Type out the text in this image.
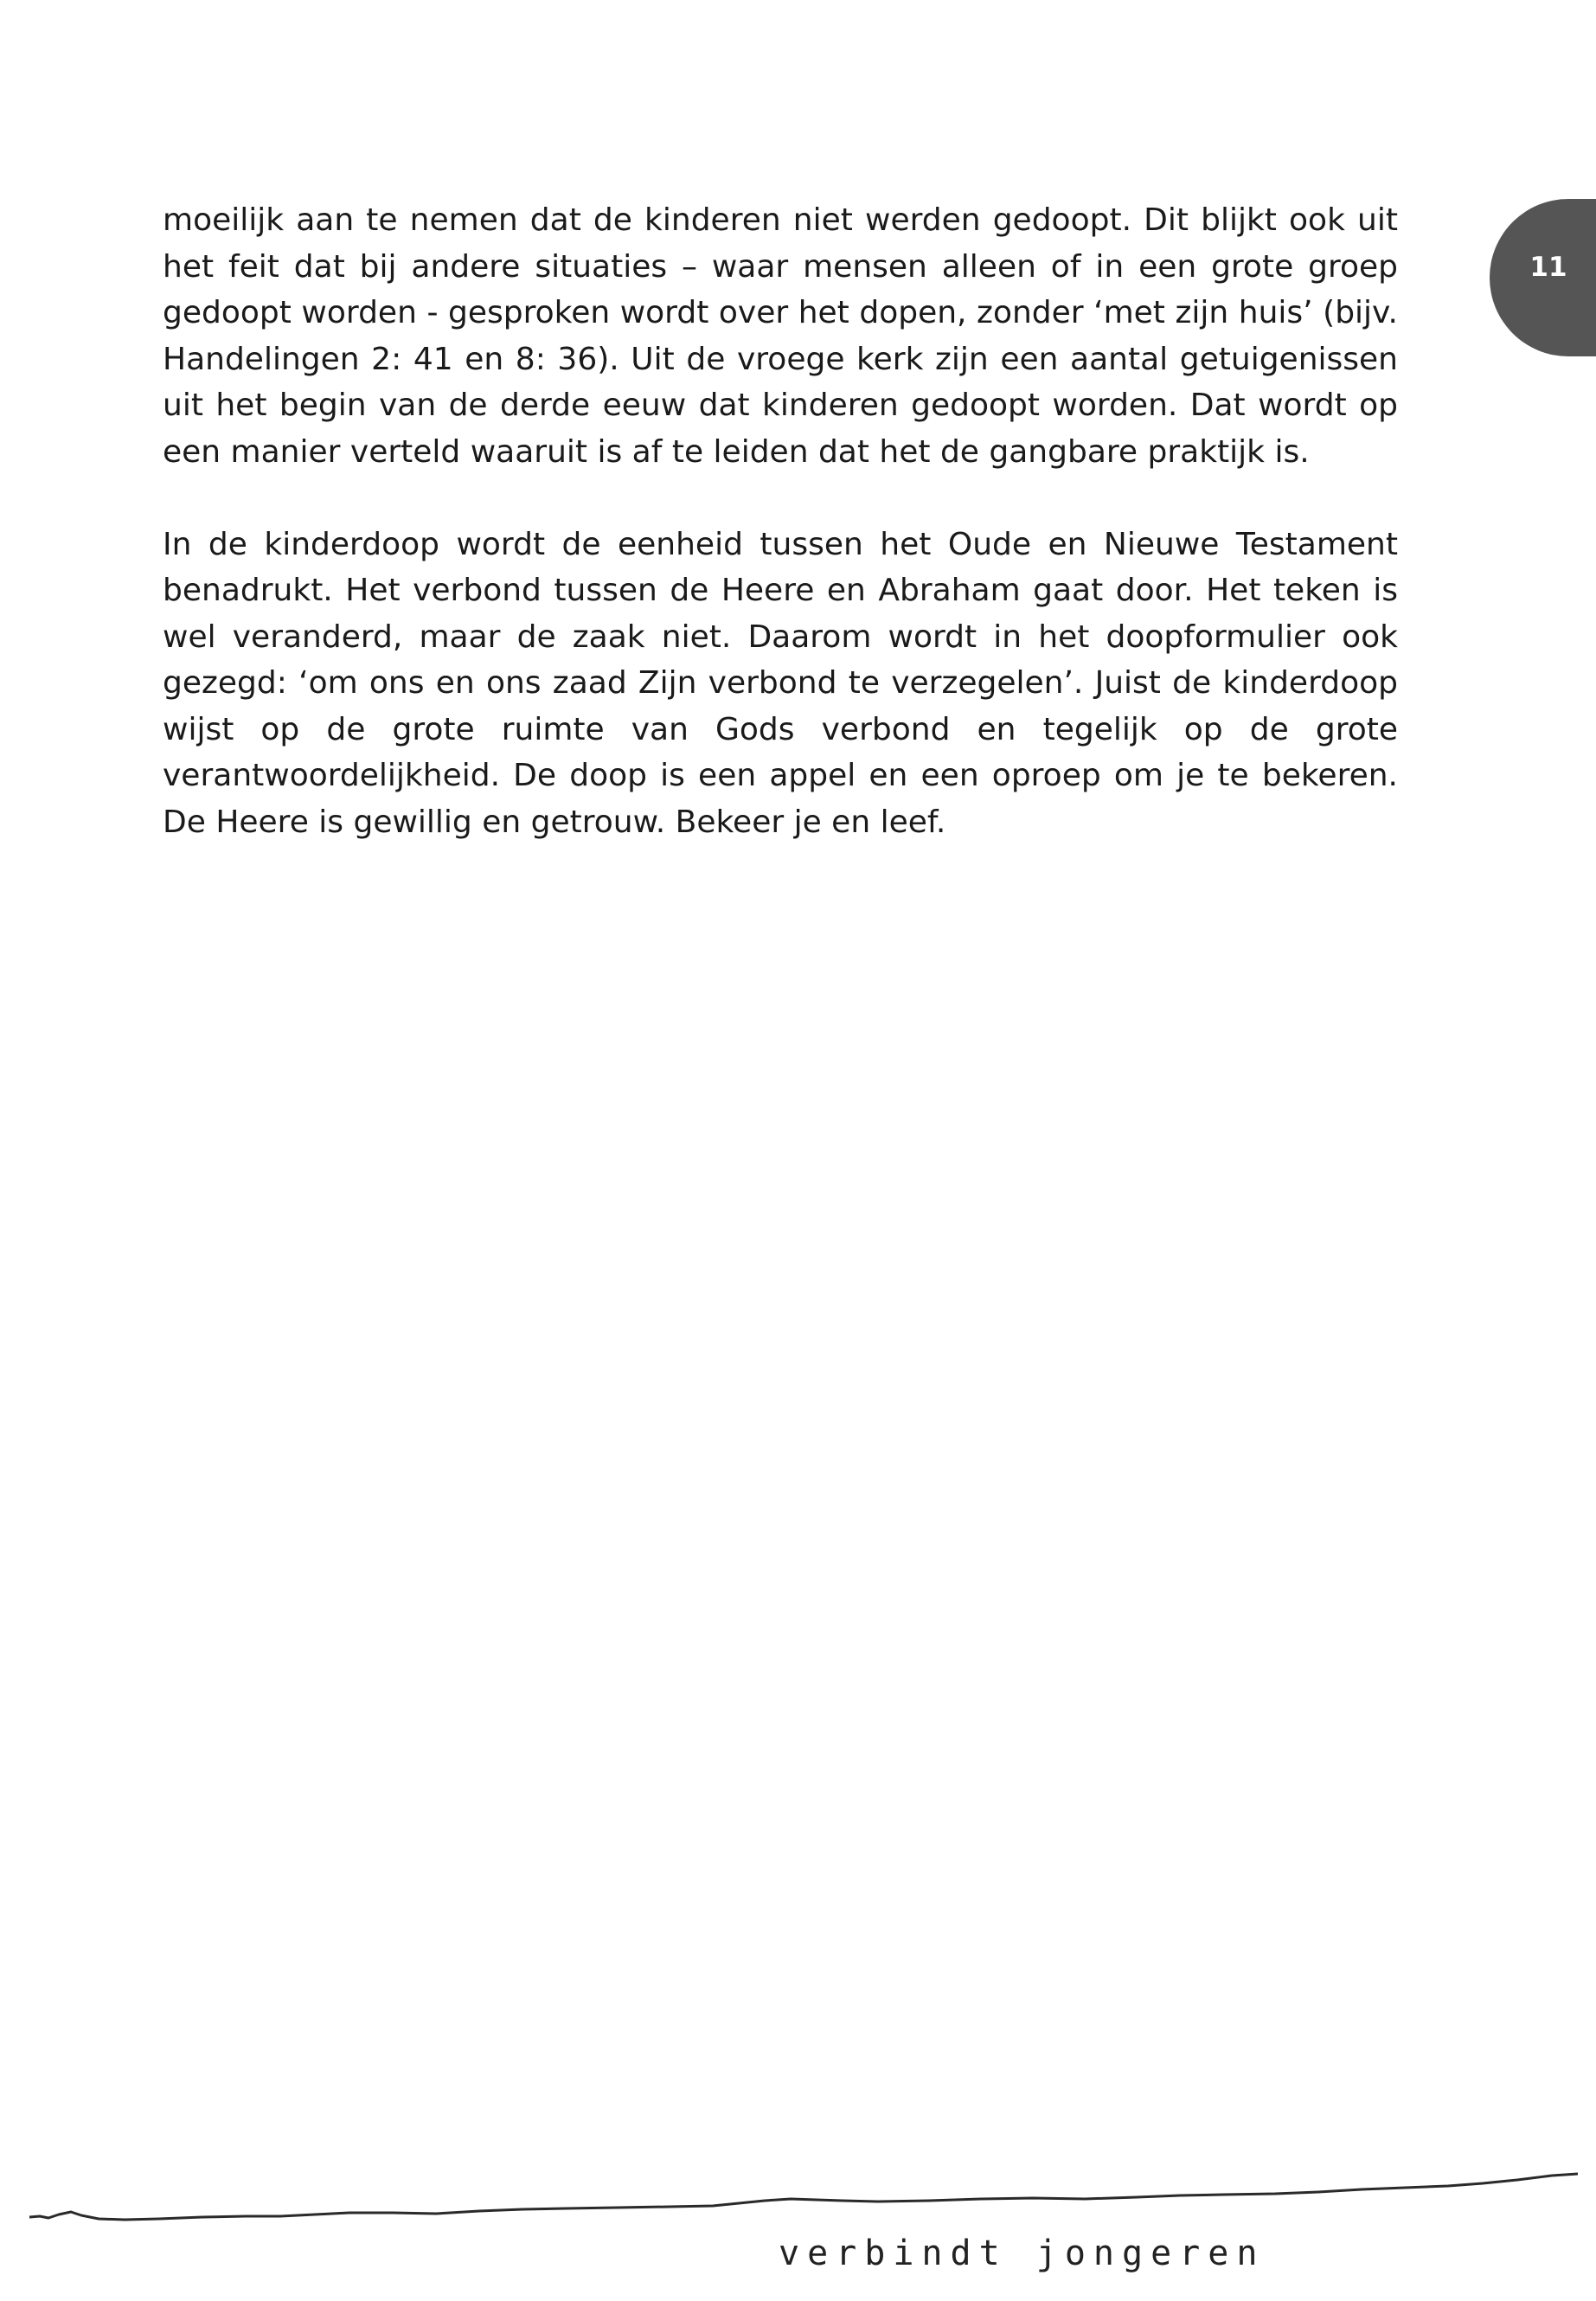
11

moeilijk aan te nemen dat de kinderen niet werden gedoopt. Dit blijkt ook uit het feit dat bij andere situaties – waar mensen alleen of in een grote groep gedoopt worden - gesproken wordt over het dopen, zonder ‘met zijn huis’ (bijv. Handelingen 2: 41 en 8: 36). Uit de vroege kerk zijn een aantal getuigenissen uit het begin van de derde eeuw dat kinderen gedoopt worden. Dat wordt op een manier verteld waaruit is af te leiden dat het de gangbare praktijk is.

In de kinderdoop wordt de eenheid tussen het Oude en Nieuwe Testament benadrukt. Het verbond tussen de Heere en Abraham gaat door. Het teken is wel veranderd, maar de zaak niet. Daarom wordt in het doopformulier ook gezegd: ‘om ons en ons zaad Zijn verbond te verzegelen’. Juist de kinderdoop wijst op de grote ruimte van Gods verbond en tegelijk op de grote verantwoordelijkheid. De doop is een appel en een oproep om je te bekeren. De Heere is gewillig en getrouw. Bekeer je en leef.

verbindt jongeren
